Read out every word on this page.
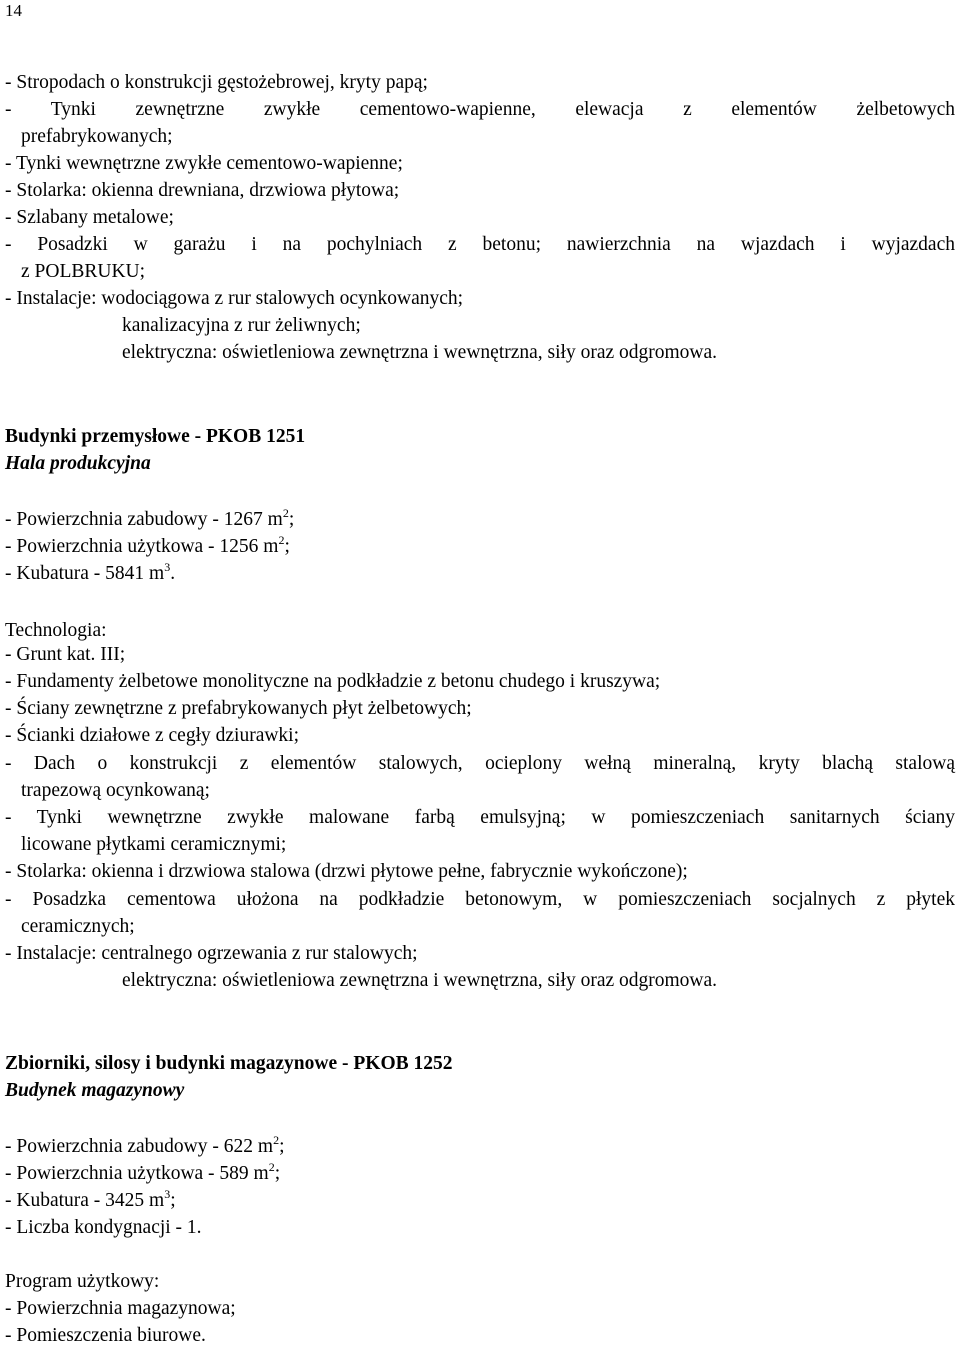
14
- Stropodach o konstrukcji gęstożebrowej, kryty papą;
- Tynki zewnętrzne zwykłe cementowo-wapienne, elewacja z elementów żelbetowych
prefabrykowanych;
- Tynki wewnętrzne zwykłe cementowo-wapienne;
- Stolarka: okienna drewniana, drzwiowa płytowa;
- Szlabany metalowe;
- Posadzki w garażu i na pochylniach z betonu; nawierzchnia na wjazdach i wyjazdach
z POLBRUKU;
- Instalacje: wodociągowa z rur stalowych ocynkowanych;
kanalizacyjna z rur żeliwnych;
elektryczna: oświetleniowa zewnętrzna i wewnętrzna, siły oraz odgromowa.
Budynki przemysłowe - PKOB 1251
Hala produkcyjna
- Powierzchnia zabudowy - 1267 $m^2$;
- Powierzchnia użytkowa - 1256 $m^2$;
- Kubatura - 5841 $m^3$.
Technologia:
- Grunt kat. III;
- Fundamenty żelbetowe monolityczne na podkładzie z betonu chudego i kruszywa;
- Ściany zewnętrzne z prefabrykowanych płyt żelbetowych;
- Ścianki działowe z cegły dziurawki;
- Dach o konstrukcji z elementów stalowych, ocieplony wełną mineralną, kryty blachą stalową
trapezową ocynkowaną;
- Tynki wewnętrzne zwykłe malowane farbą emulsyjną; w pomieszczeniach sanitarnych ściany
licowane płytkami ceramicznymi;
- Stolarka: okienna i drzwiowa stalowa (drzwi płytowe pełne, fabrycznie wykończone);
- Posadzka cementowa ułożona na podkładzie betonowym, w pomieszczeniach socjalnych z płytek
ceramicznych;
- Instalacje: centralnego ogrzewania z rur stalowych;
elektryczna: oświetleniowa zewnętrzna i wewnętrzna, siły oraz odgromowa.
Zbiorniki, silosy i budynki magazynowe - PKOB 1252
Budynek magazynowy
- Powierzchnia zabudowy - 622 $m^2$;
- Powierzchnia użytkowa - 589 $m^2$;
- Kubatura - 3425 $m^3$;
- Liczba kondygnacji - 1.
Program użytkowy:
- Powierzchnia magazynowa;
- Pomieszczenia biurowe.
